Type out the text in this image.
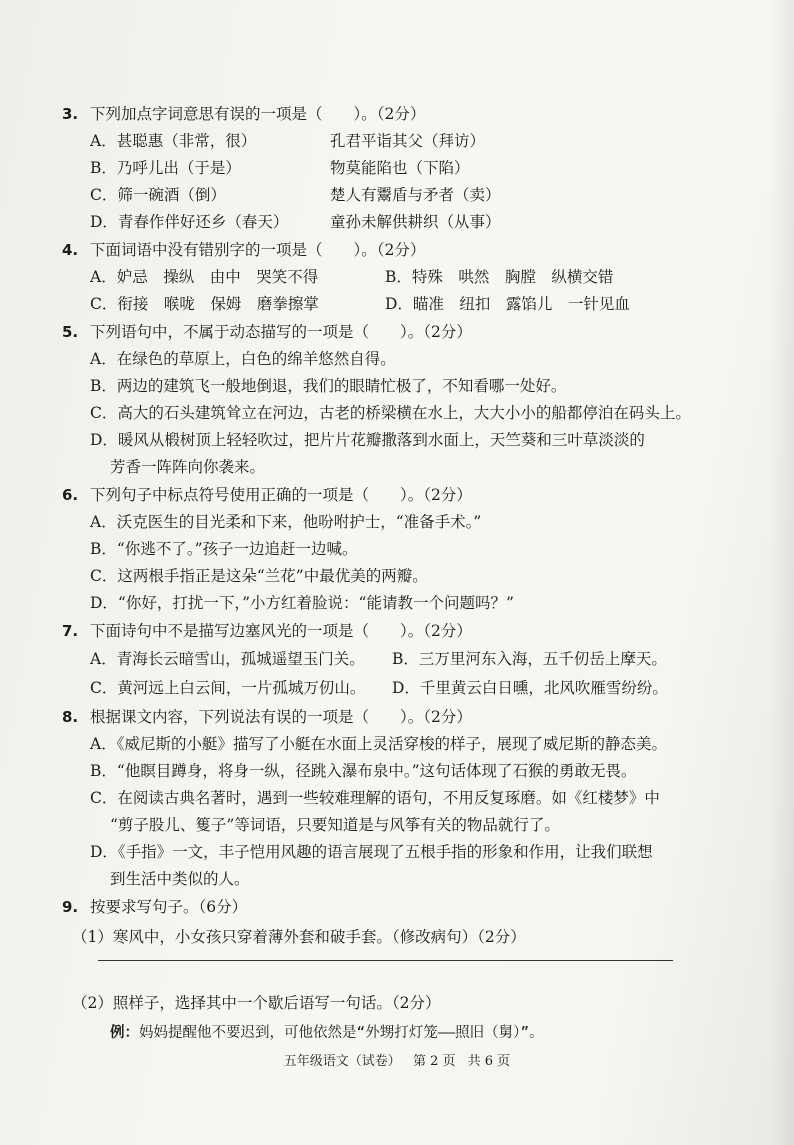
3. 下列加点字词意思有误的一项是（　　）。（2分）
A．甚聪惠（非常，很）	孔君平诣其父（拜访）
B．乃呼儿出（于是）	物莫能陷也（下陷）
C．筛一碗酒（倒）	楚人有鬻盾与矛者（卖）
D．青春作伴好还乡（春天）	童孙未解供耕织（从事）
4. 下面词语中没有错别字的一项是（　　）。（2分）
A．妒忌　操纵　由中　哭笑不得	B．特殊　哄然　胸膛　纵横交错
C．衔接　喉咙　保姆　磨拳擦掌	D．瞄准　纽扣　露馅儿　一针见血
5. 下列语句中，不属于动态描写的一项是（　　）。（2分）
A．在绿色的草原上，白色的绵羊悠然自得。
B．两边的建筑飞一般地倒退，我们的眼睛忙极了，不知看哪一处好。
C．高大的石头建筑耸立在河边，古老的桥梁横在水上，大大小小的船都停泊在码头上。
D．暖风从椴树顶上轻轻吹过，把片片花瓣撒落到水面上，天竺葵和三叶草淡淡的
芳香一阵阵向你袭来。
6. 下列句子中标点符号使用正确的一项是（　　）。（2分）
A．沃克医生的目光柔和下来，他吩咐护士，“准备手术。”
B．“你逃不了。”孩子一边追赶一边喊。
C．这两根手指正是这朵“兰花”中最优美的两瓣。
D．“你好，打扰一下，”小方红着脸说：“能请教一个问题吗？”
7. 下面诗句中不是描写边塞风光的一项是（　　）。（2分）
A．青海长云暗雪山，孤城遥望玉门关。	B．三万里河东入海，五千仞岳上摩天。
C．黄河远上白云间，一片孤城万仞山。	D．千里黄云白日曛，北风吹雁雪纷纷。
8. 根据课文内容，下列说法有误的一项是（　　）。（2分）
A．《威尼斯的小艇》描写了小艇在水面上灵活穿梭的样子，展现了威尼斯的静态美。
B．“他瞑目蹲身，将身一纵，径跳入瀑布泉中。”这句话体现了石猴的勇敢无畏。
C．在阅读古典名著时，遇到一些较难理解的语句，不用反复琢磨。如《红楼梦》中
“剪子股儿、篗子”等词语，只要知道是与风筝有关的物品就行了。
D．《手指》一文，丰子恺用风趣的语言展现了五根手指的形象和作用，让我们联想
到生活中类似的人。
9. 按要求写句子。（6分）
（1）寒风中，小女孩只穿着薄外套和破手套。（修改病句）（2分）
（2）照样子，选择其中一个歇后语写一句话。（2分）
例：妈妈提醒他不要迟到，可他依然是“外甥打灯笼——照旧（舅）”。
五年级语文（试卷） 第 2 页 共 6 页
